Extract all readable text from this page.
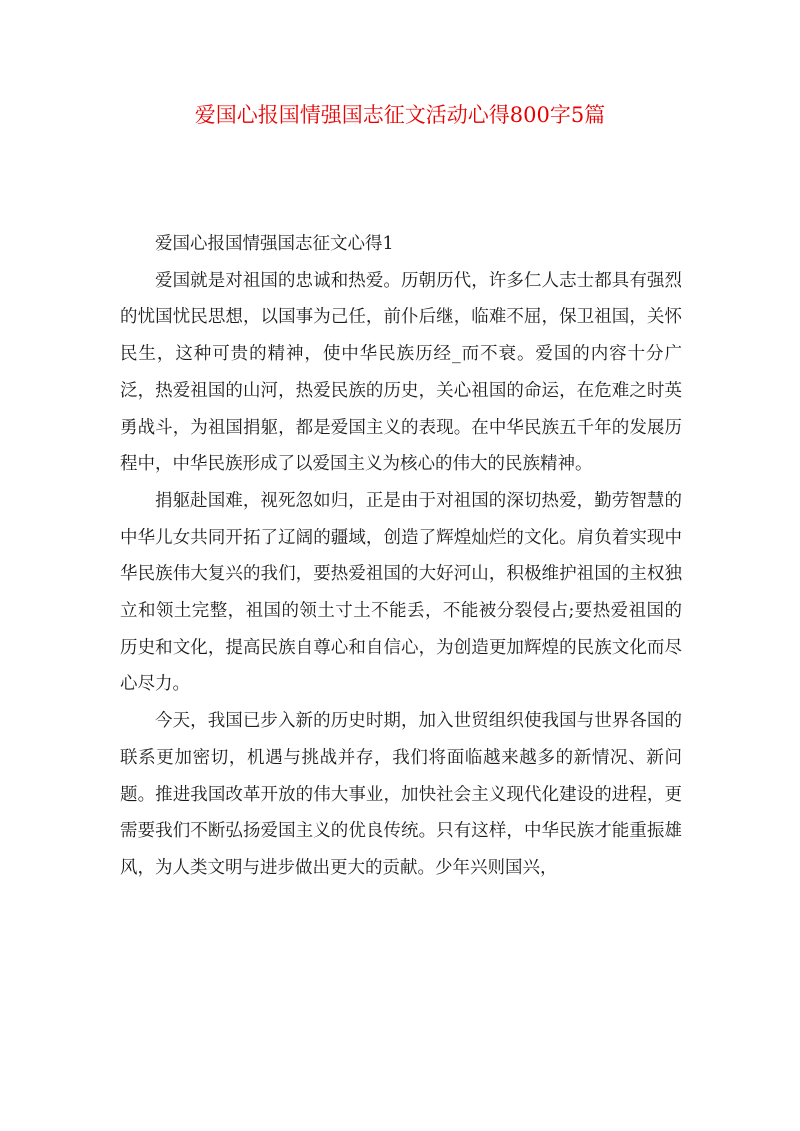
爱国心报国情强国志征文活动心得800字5篇

爱国心报国情强国志征文心得1

爱国就是对祖国的忠诚和热爱。历朝历代，许多仁人志士都具有强烈的忧国忧民思想，以国事为己任，前仆后继，临难不屈，保卫祖国，关怀民生，这种可贵的精神，使中华民族历经_而不衰。爱国的内容十分广泛，热爱祖国的山河，热爱民族的历史，关心祖国的命运，在危难之时英勇战斗，为祖国捐躯，都是爱国主义的表现。在中华民族五千年的发展历程中，中华民族形成了以爱国主义为核心的伟大的民族精神。

捐躯赴国难，视死忽如归，正是由于对祖国的深切热爱，勤劳智慧的中华儿女共同开拓了辽阔的疆域，创造了辉煌灿烂的文化。肩负着实现中华民族伟大复兴的我们，要热爱祖国的大好河山，积极维护祖国的主权独立和领土完整，祖国的领土寸土不能丢，不能被分裂侵占;要热爱祖国的历史和文化，提高民族自尊心和自信心，为创造更加辉煌的民族文化而尽心尽力。

今天，我国已步入新的历史时期，加入世贸组织使我国与世界各国的联系更加密切，机遇与挑战并存，我们将面临越来越多的新情况、新问题。推进我国改革开放的伟大事业，加快社会主义现代化建设的进程，更需要我们不断弘扬爱国主义的优良传统。只有这样，中华民族才能重振雄风，为人类文明与进步做出更大的贡献。少年兴则国兴，
